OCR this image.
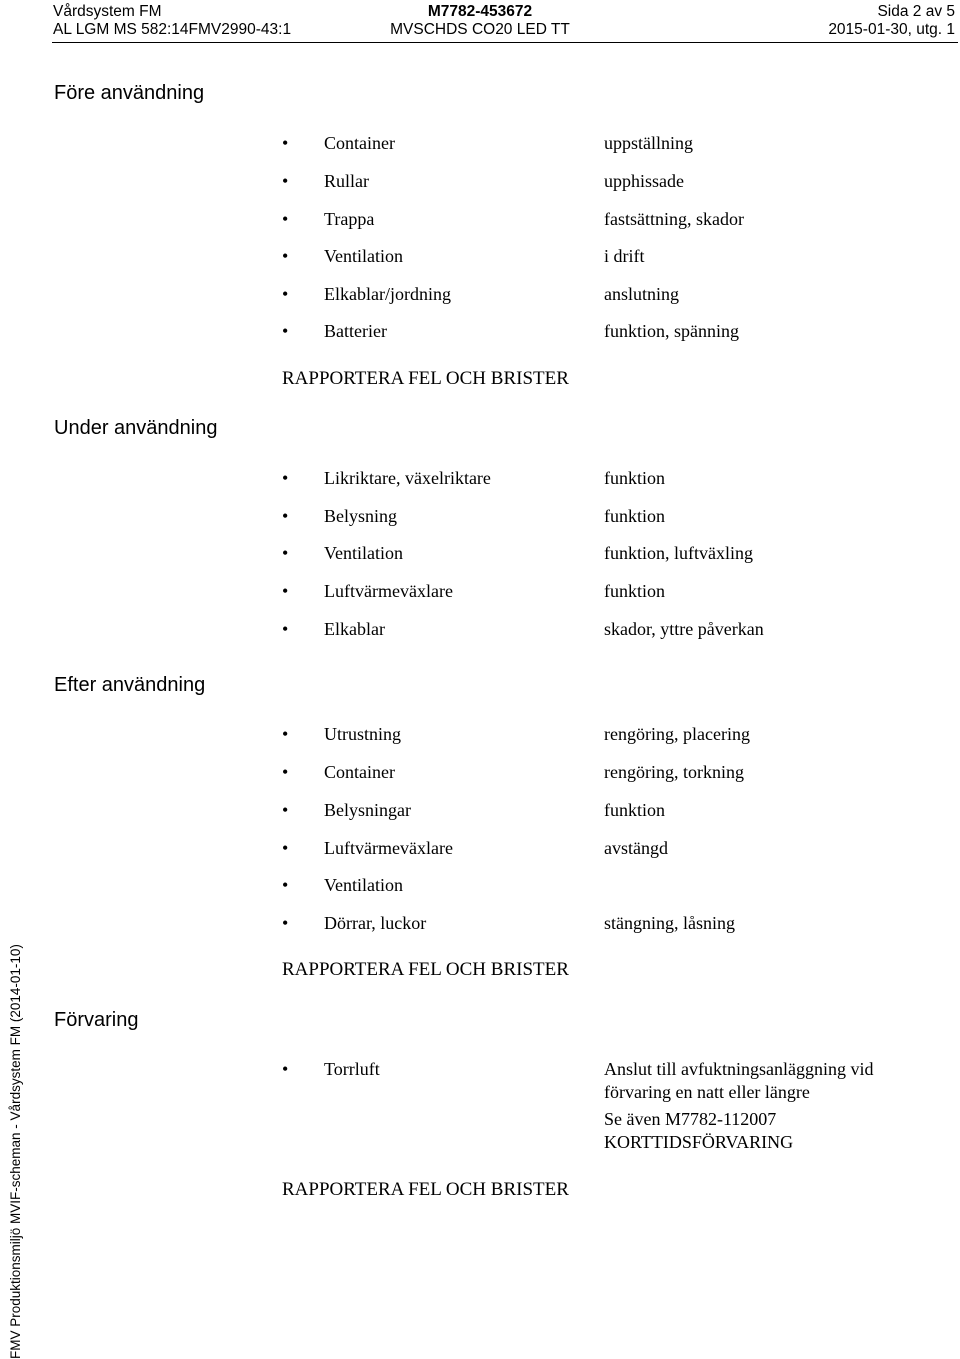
Vårdsystem FM	M7782-453672	Sida 2 av 5
AL LGM MS 582:14FMV2990-43:1	MVSCHDS CO20 LED TT	2015-01-30, utg. 1
Före användning
• Container	uppställning
• Rullar	upphissade
• Trappa	fastsättning, skador
• Ventilation	i drift
• Elkablar/jordning	anslutning
• Batterier	funktion, spänning
RAPPORTERA FEL OCH BRISTER
Under användning
• Likriktare, växelriktare	funktion
• Belysning	funktion
• Ventilation	funktion, luftväxling
• Luftvärmeväxlare	funktion
• Elkablar	skador, yttre påverkan
Efter användning
• Utrustning	rengöring, placering
• Container	rengöring, torkning
• Belysningar	funktion
• Luftvärmeväxlare	avstängd
• Ventilation
• Dörrar, luckor	stängning, låsning
RAPPORTERA FEL OCH BRISTER
Förvaring
• Torrluft	Anslut till avfuktningsanläggning vid
förvaring en natt eller längre
Se även M7782-112007
KORTTIDSFÖRVARING
RAPPORTERA FEL OCH BRISTER
FMV Produktionsmiljö MVIF-scheman - Vårdsystem FM (2014-01-10)
